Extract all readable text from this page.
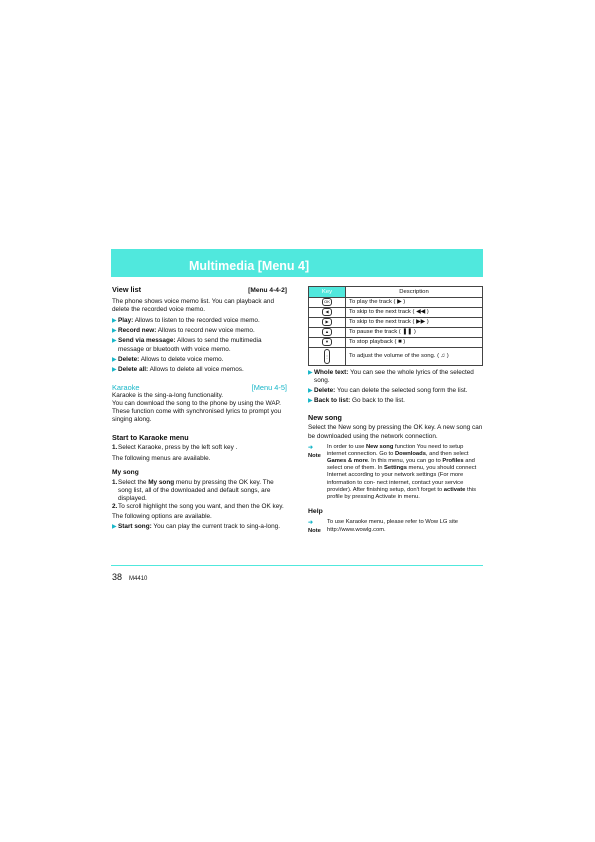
Multimedia [Menu 4]
View list	[Menu 4-4-2]

The phone shows voice memo list. You can playback and delete the recorded voice memo.

▶ Play: Allows to listen to the recorded voice memo.
▶ Record new: Allows to record new voice memo.
▶ Send via message: Allows to send the multimedia message or bluetooth with voice memo.
▶ Delete: Allows to delete voice memo.
▶ Delete all: Allows to delete all voice memos.
Karaoke	[Menu 4-5]

Karaoke is the sing-a-long functionality.

You can download the song to the phone by using the WAP. These function come with synchronised lyrics to prompt you singing along.

Start to Karaoke menu
1. Select Karaoke, press by the left soft key .

The following menus are available.

My song
1. Select the My song menu by pressing the OK key. The song list, all of the downloaded and default songs, are displayed.
2. To scroll highlight the song you want, and then the OK key.

The following options are available.

▶ Start song: You can play the current track to sing-a-long.
Key	Description
OK	To play the track ( ▶ )
◀	To skip to the next track ( ◀◀ )
▶	To skip to the next track ( ▶▶ )
▲	To pause the track ( ❚❚ )
▼	To stop playback ( ■ )
⋮	To adjust the volume of the song. ( ♫ )
▶ Whole text: You can see the whole lyrics of the selected song.
▶ Delete: You can delete the selected song form the list.
▶ Back to list: Go back to the list.
New song

Select the New song by pressing the OK key. A new song can be downloaded using the network connection.

➜ Note
In order to use New song function You need to setup internet connection. Go to Downloads, and then select Games & more. In this menu, you can go to Profiles and select one of them. In Settings menu, you should connect Internet according to your network settings (For more information to con- nect internet, contact your service provider). After finishing setup, don't forget to activate this profile by pressing Activate in menu.
Help
➜ Note
To use Karaoke menu, please refer to Wow LG site http://www.wowlg.com.
38 M4410
